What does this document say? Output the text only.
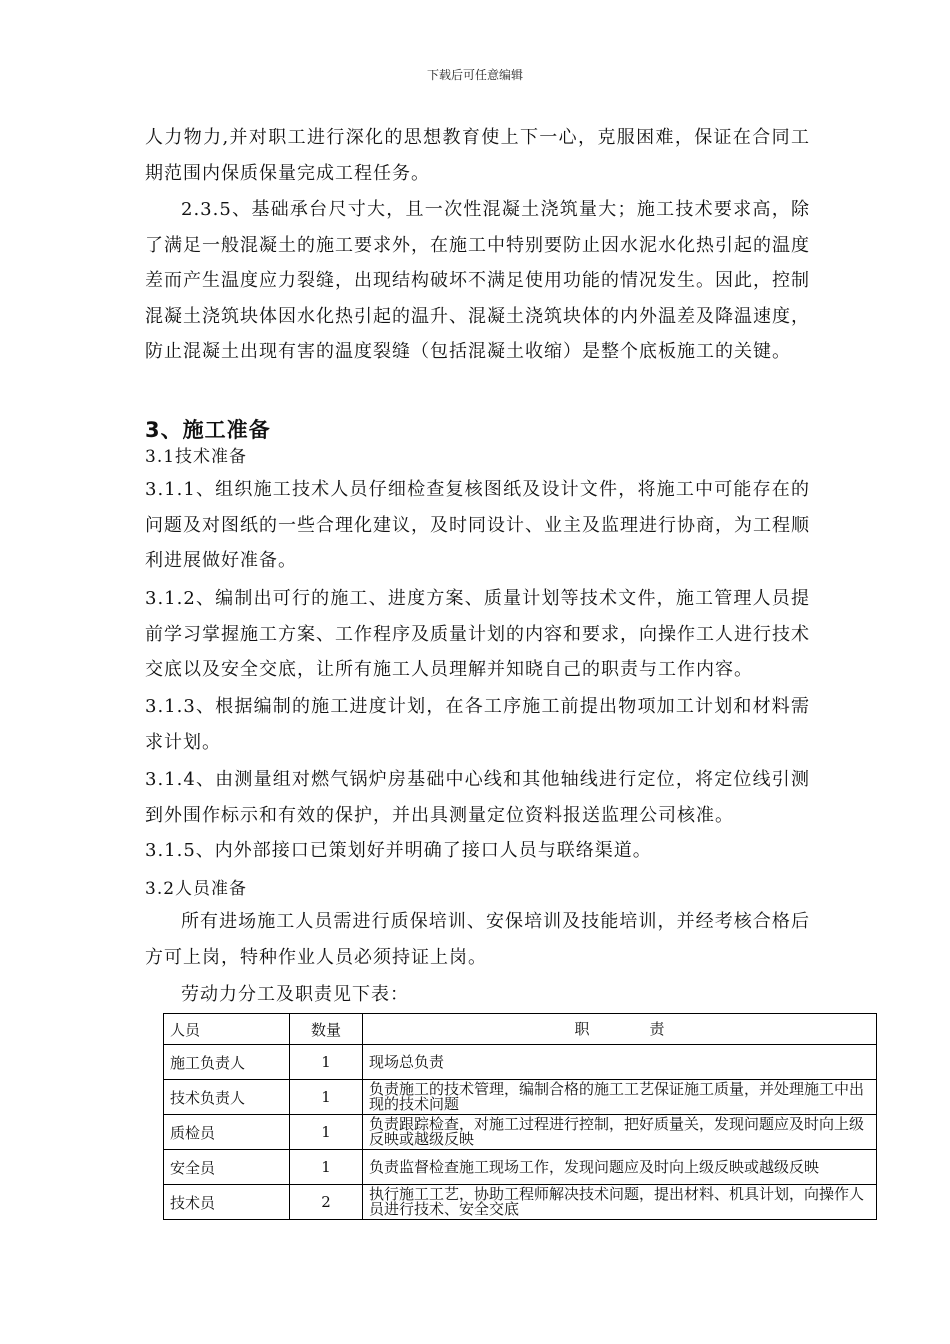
下载后可任意编辑

人力物力,并对职工进行深化的思想教育使上下一心，克服困难，保证在合同工期范围内保质保量完成工程任务。

2.3.5、基础承台尺寸大，且一次性混凝土浇筑量大；施工技术要求高，除了满足一般混凝土的施工要求外，在施工中特别要防止因水泥水化热引起的温度差而产生温度应力裂缝，出现结构破坏不满足使用功能的情况发生。因此，控制混凝土浇筑块体因水化热引起的温升、混凝土浇筑块体的内外温差及降温速度，防止混凝土出现有害的温度裂缝（包括混凝土收缩）是整个底板施工的关键。

3、施工准备
3.1技术准备

3.1.1、组织施工技术人员仔细检查复核图纸及设计文件，将施工中可能存在的问题及对图纸的一些合理化建议，及时同设计、业主及监理进行协商，为工程顺利进展做好准备。

3.1.2、编制出可行的施工、进度方案、质量计划等技术文件，施工管理人员提前学习掌握施工方案、工作程序及质量计划的内容和要求，向操作工人进行技术交底以及安全交底，让所有施工人员理解并知晓自己的职责与工作内容。

3.1.3、根据编制的施工进度计划，在各工序施工前提出物项加工计划和材料需求计划。

3.1.4、由测量组对燃气锅炉房基础中心线和其他轴线进行定位，将定位线引测到外围作标示和有效的保护，并出具测量定位资料报送监理公司核准。

3.1.5、内外部接口已策划好并明确了接口人员与联络渠道。

3.2人员准备

所有进场施工人员需进行质保培训、安保培训及技能培训，并经考核合格后方可上岗，特种作业人员必须持证上岗。

劳动力分工及职责见下表：

人员	数量	职　　　　责
施工负责人	1	现场总负责
技术负责人	1	负责施工的技术管理，编制合格的施工工艺保证施工质量，并处理施工中出现的技术问题
质检员	1	负责跟踪检查，对施工过程进行控制，把好质量关，发现问题应及时向上级反映或越级反映
安全员	1	负责监督检查施工现场工作，发现问题应及时向上级反映或越级反映
技术员	2	执行施工工艺，协助工程师解决技术问题，提出材料、机具计划，向操作人员进行技术、安全交底
